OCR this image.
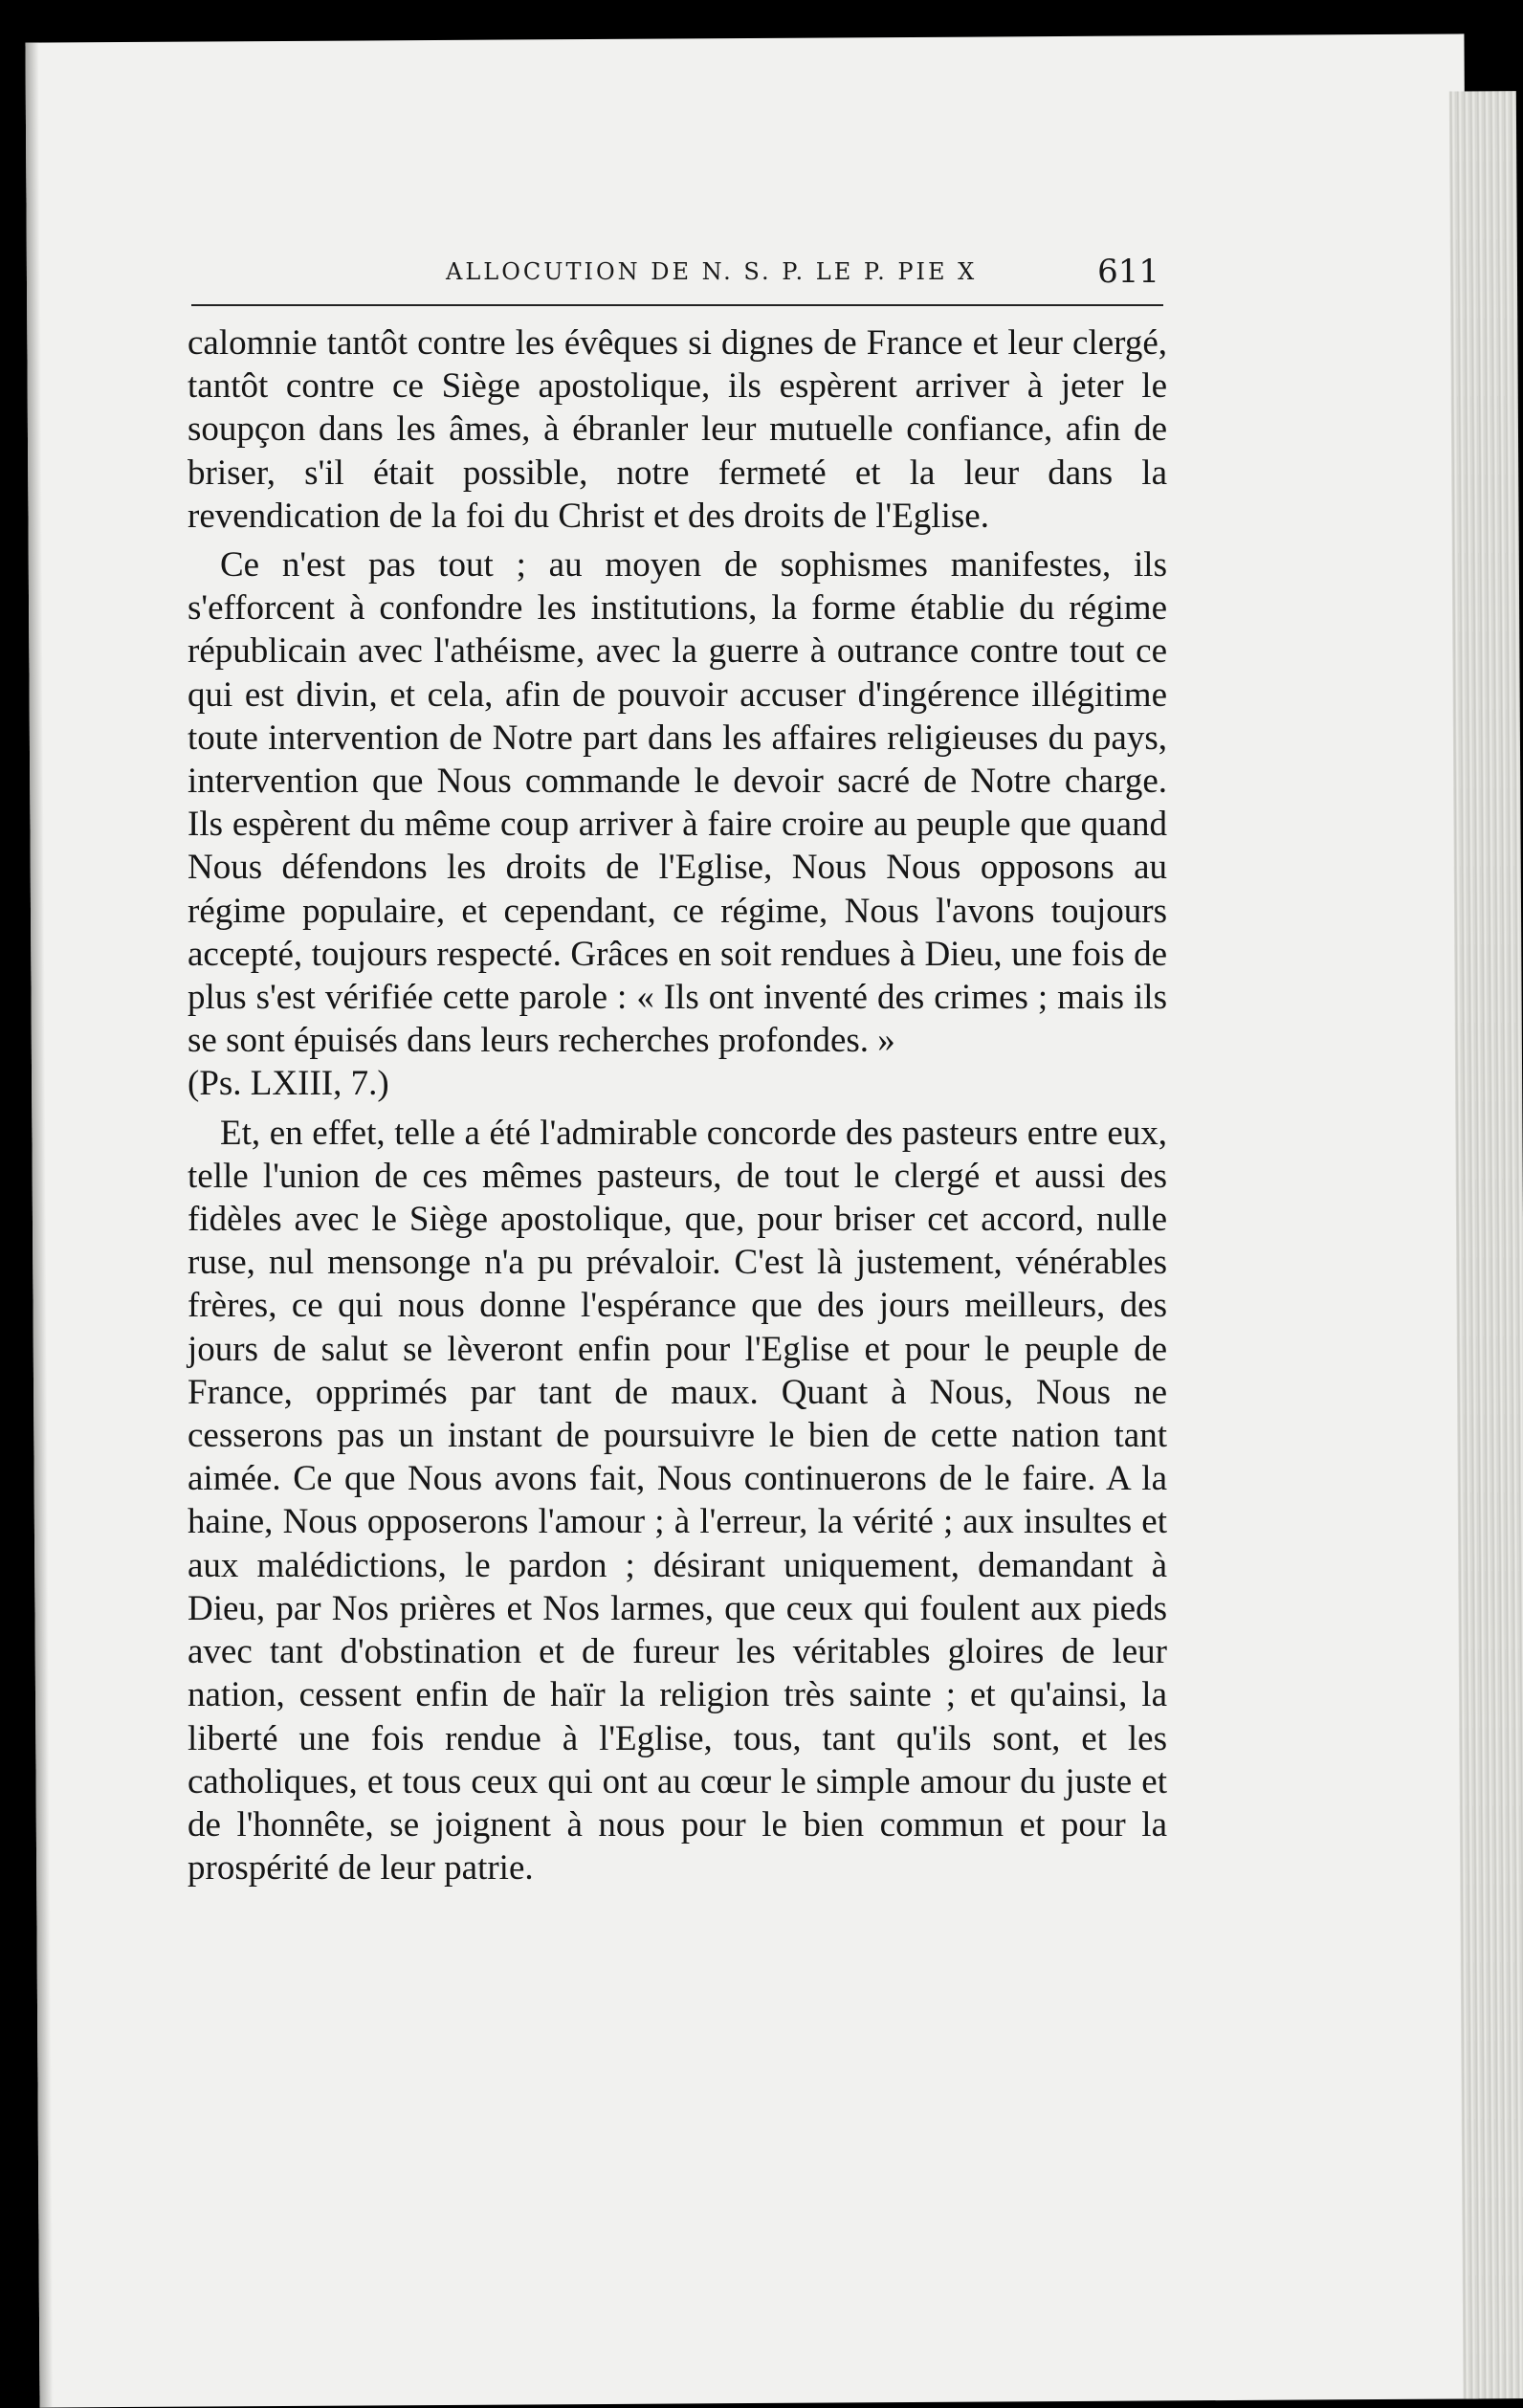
ALLOCUTION DE N. S. P. LE P. PIE X	611

calomnie tantôt contre les évêques si dignes de France et leur clergé, tantôt contre ce Siège apostolique, ils espèrent arriver à jeter le soupçon dans les âmes, à ébranler leur mutuelle confiance, afin de briser, s'il était possible, notre fermeté et la leur dans la revendication de la foi du Christ et des droits de l'Eglise.

Ce n'est pas tout ; au moyen de sophismes manifestes, ils s'efforcent à confondre les institutions, la forme établie du régime républicain avec l'athéisme, avec la guerre à outrance contre tout ce qui est divin, et cela, afin de pouvoir accuser d'ingérence illégitime toute intervention de Notre part dans les affaires religieuses du pays, intervention que Nous commande le devoir sacré de Notre charge. Ils espèrent du même coup arriver à faire croire au peuple que quand Nous défendons les droits de l'Eglise, Nous Nous opposons au régime populaire, et cependant, ce régime, Nous l'avons toujours accepté, toujours respecté. Grâces en soit rendues à Dieu, une fois de plus s'est vérifiée cette parole : « Ils ont inventé des crimes ; mais ils se sont épuisés dans leurs recherches profondes. »
(Ps. LXIII, 7.)

Et, en effet, telle a été l'admirable concorde des pasteurs entre eux, telle l'union de ces mêmes pasteurs, de tout le clergé et aussi des fidèles avec le Siège apostolique, que, pour briser cet accord, nulle ruse, nul mensonge n'a pu prévaloir. C'est là justement, vénérables frères, ce qui nous donne l'espérance que des jours meilleurs, des jours de salut se lèveront enfin pour l'Eglise et pour le peuple de France, opprimés par tant de maux. Quant à Nous, Nous ne cesserons pas un instant de poursuivre le bien de cette nation tant aimée. Ce que Nous avons fait, Nous continuerons de le faire. A la haine, Nous opposerons l'amour ; à l'erreur, la vérité ; aux insultes et aux malédictions, le pardon ; désirant uniquement, demandant à Dieu, par Nos prières et Nos larmes, que ceux qui foulent aux pieds avec tant d'obstination et de fureur les véritables gloires de leur nation, cessent enfin de haïr la religion très sainte ; et qu'ainsi, la liberté une fois rendue à l'Eglise, tous, tant qu'ils sont, et les catholiques, et tous ceux qui ont au cœur le simple amour du juste et de l'honnête, se joignent à nous pour le bien commun et pour la prospérité de leur patrie.
